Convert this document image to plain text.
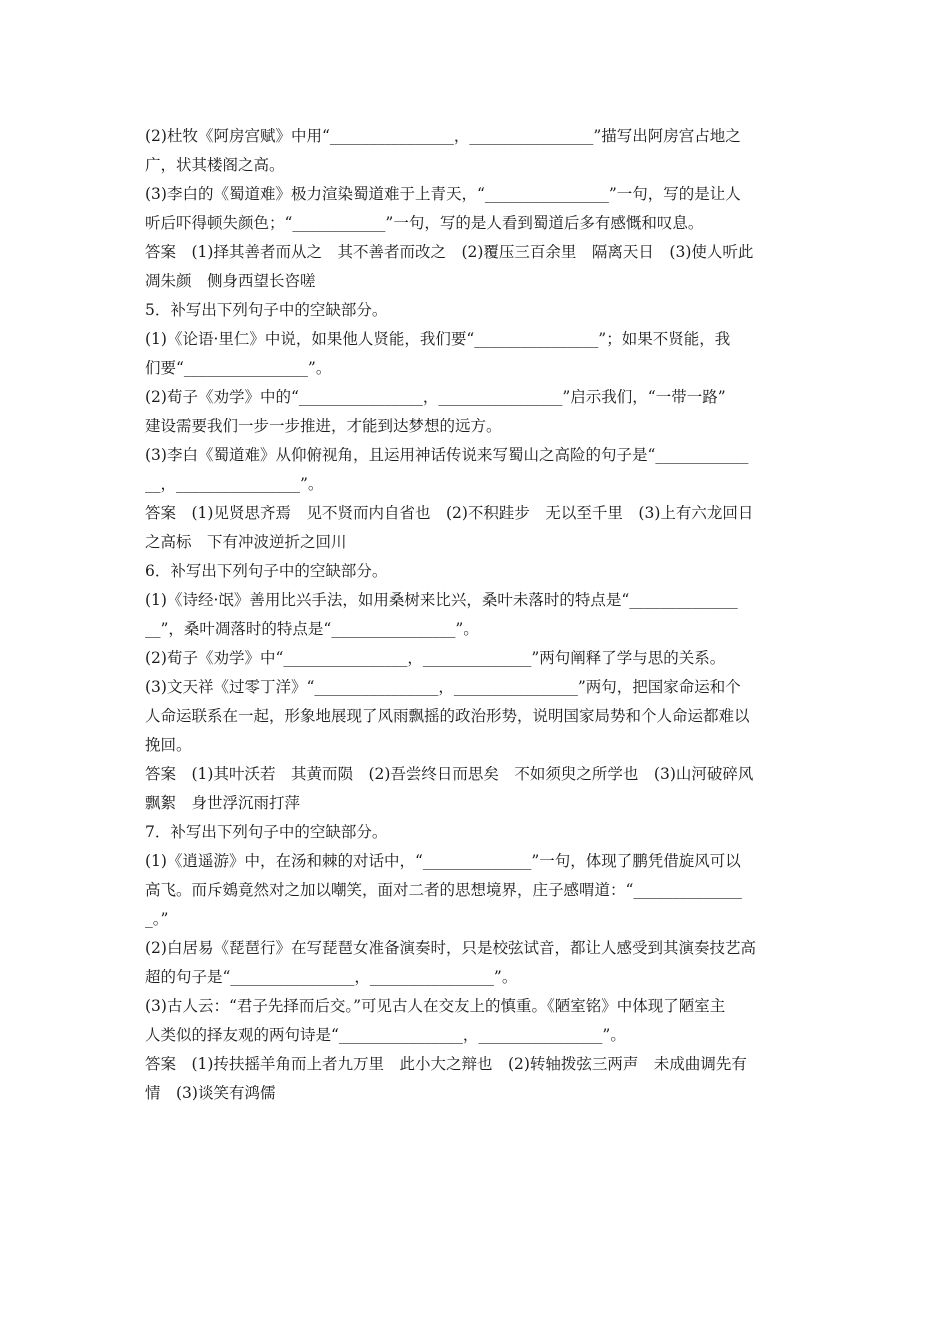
(2)杜牧《阿房宫赋》中用“________________，________________”描写出阿房宫占地之
广，状其楼阁之高。
(3)李白的《蜀道难》极力渲染蜀道难于上青天，“________________”一句，写的是让人
听后吓得顿失颜色；“____________”一句，写的是人看到蜀道后多有感慨和叹息。
答案　(1)择其善者而从之　其不善者而改之　(2)覆压三百余里　隔离天日　(3)使人听此
凋朱颜　侧身西望长咨嗟
5．补写出下列句子中的空缺部分。
(1)《论语·里仁》中说，如果他人贤能，我们要“________________”；如果不贤能，我
们要“________________”。
(2)荀子《劝学》中的“________________，________________”启示我们，“一带一路”
建设需要我们一步一步推进，才能到达梦想的远方。
(3)李白《蜀道难》从仰俯视角，且运用神话传说来写蜀山之高险的句子是“____________
__，________________”。
答案　(1)见贤思齐焉　见不贤而内自省也　(2)不积跬步　无以至千里　(3)上有六龙回日
之高标　下有冲波逆折之回川
6．补写出下列句子中的空缺部分。
(1)《诗经·氓》善用比兴手法，如用桑树来比兴，桑叶未落时的特点是“______________
__”，桑叶凋落时的特点是“________________”。
(2)荀子《劝学》中“________________，______________”两句阐释了学与思的关系。
(3)文天祥《过零丁洋》“________________，________________”两句，把国家命运和个
人命运联系在一起，形象地展现了风雨飘摇的政治形势，说明国家局势和个人命运都难以
挽回。
答案　(1)其叶沃若　其黄而陨　(2)吾尝终日而思矣　不如须臾之所学也　(3)山河破碎风
飘絮　身世浮沉雨打萍
7．补写出下列句子中的空缺部分。
(1)《逍遥游》中，在汤和棘的对话中，“______________”一句，体现了鹏凭借旋风可以
高飞。而斥鴳竟然对之加以嘲笑，面对二者的思想境界，庄子感喟道：“______________
_。”
(2)白居易《琵琶行》在写琵琶女准备演奏时，只是校弦试音，都让人感受到其演奏技艺高
超的句子是“________________，________________”。
(3)古人云：“君子先择而后交。”可见古人在交友上的慎重。《陋室铭》中体现了陋室主
人类似的择友观的两句诗是“________________，________________”。
答案　(1)抟扶摇羊角而上者九万里　此小大之辩也　(2)转轴拨弦三两声　未成曲调先有
情　(3)谈笑有鸿儒
